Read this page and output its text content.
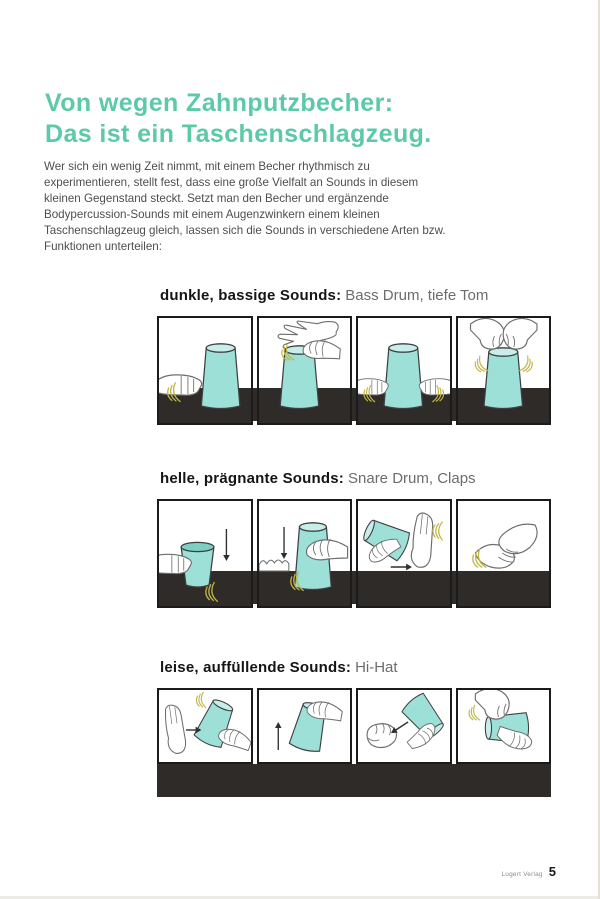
Von wegen Zahnputzbecher:
Das ist ein Taschenschlagzeug.

Wer sich ein wenig Zeit nimmt, mit einem Becher rhythmisch zu experimentieren, stellt fest, dass eine große Vielfalt an Sounds in diesem kleinen Gegenstand steckt. Setzt man den Becher und ergänzende Bodypercussion-Sounds mit einem Augenzwinkern einem kleinen Taschenschlagzeug gleich, lassen sich die Sounds in verschiedene Arten bzw. Funktionen unterteilen:

dunkle, bassige Sounds: Bass Drum, tiefe Tom
helle, prägnante Sounds: Snare Drum, Claps
leise, auffüllende Sounds: Hi-Hat
Lugert Verlag 5
